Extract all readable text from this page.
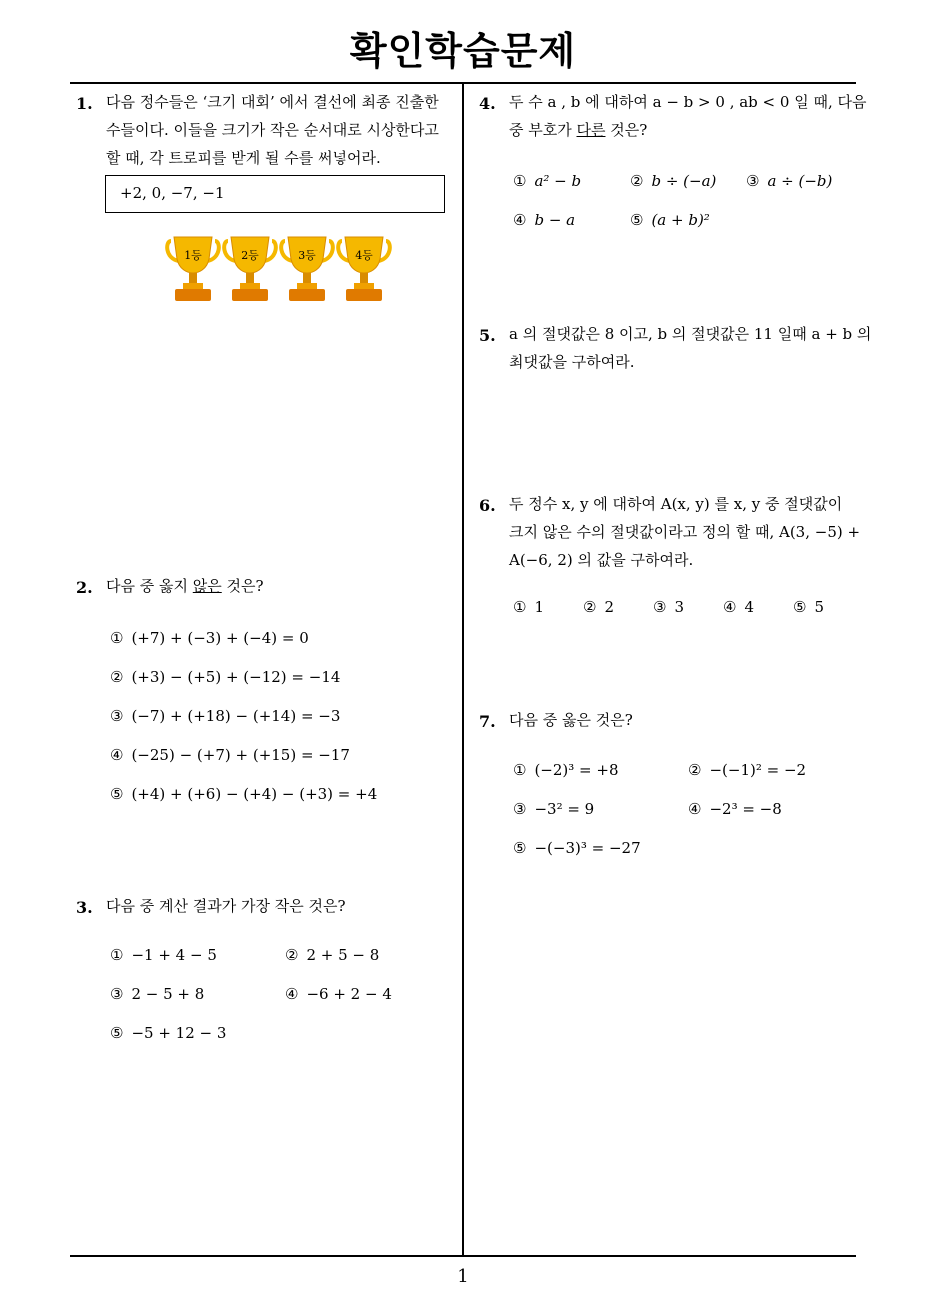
확인학습문제
1
1. 다음 정수들은 ‘크기 대회’ 에서 결선에 최종 진출한
수들이다. 이들을 크기가 작은 순서대로 시상한다고
할 때, 각 트로피를 받게 될 수를 써넣어라.
+2, 0, −7, −1
1등	2등	3등	4등
2. 다음 중 옳지 않은 것은?
① (+7) + (−3) + (−4) = 0
② (+3) − (+5) + (−12) = −14
③ (−7) + (+18) − (+14) = −3
④ (−25) − (+7) + (+15) = −17
⑤ (+4) + (+6) − (+4) − (+3) = +4
3. 다음 중 계산 결과가 가장 작은 것은?
① −1 + 4 − 5	② 2 + 5 − 8
③ 2 − 5 + 8	④ −6 + 2 − 4
⑤ −5 + 12 − 3
4. 두 수 a , b 에 대하여 a − b > 0 , ab < 0 일 때, 다음
중 부호가 다른 것은?
① a² − b	② b ÷ (−a) ③ a ÷ (−b)
④ b − a	⑤ (a + b)²
5. a 의 절댓값은 8 이고, b 의 절댓값은 11 일때 a + b 의
최댓값을 구하여라.
6. 두 정수 x, y 에 대하여 A(x, y) 를 x, y 중 절댓값이
크지 않은 수의 절댓값이라고 정의 할 때, A(3, −5) +
A(−6, 2) 의 값을 구하여라.
① 1	② 2	③ 3	④ 4	⑤ 5
7. 다음 중 옳은 것은?
① (−2)³ = +8	② −(−1)² = −2
③ −3² = 9	④ −2³ = −8
⑤ −(−3)³ = −27
